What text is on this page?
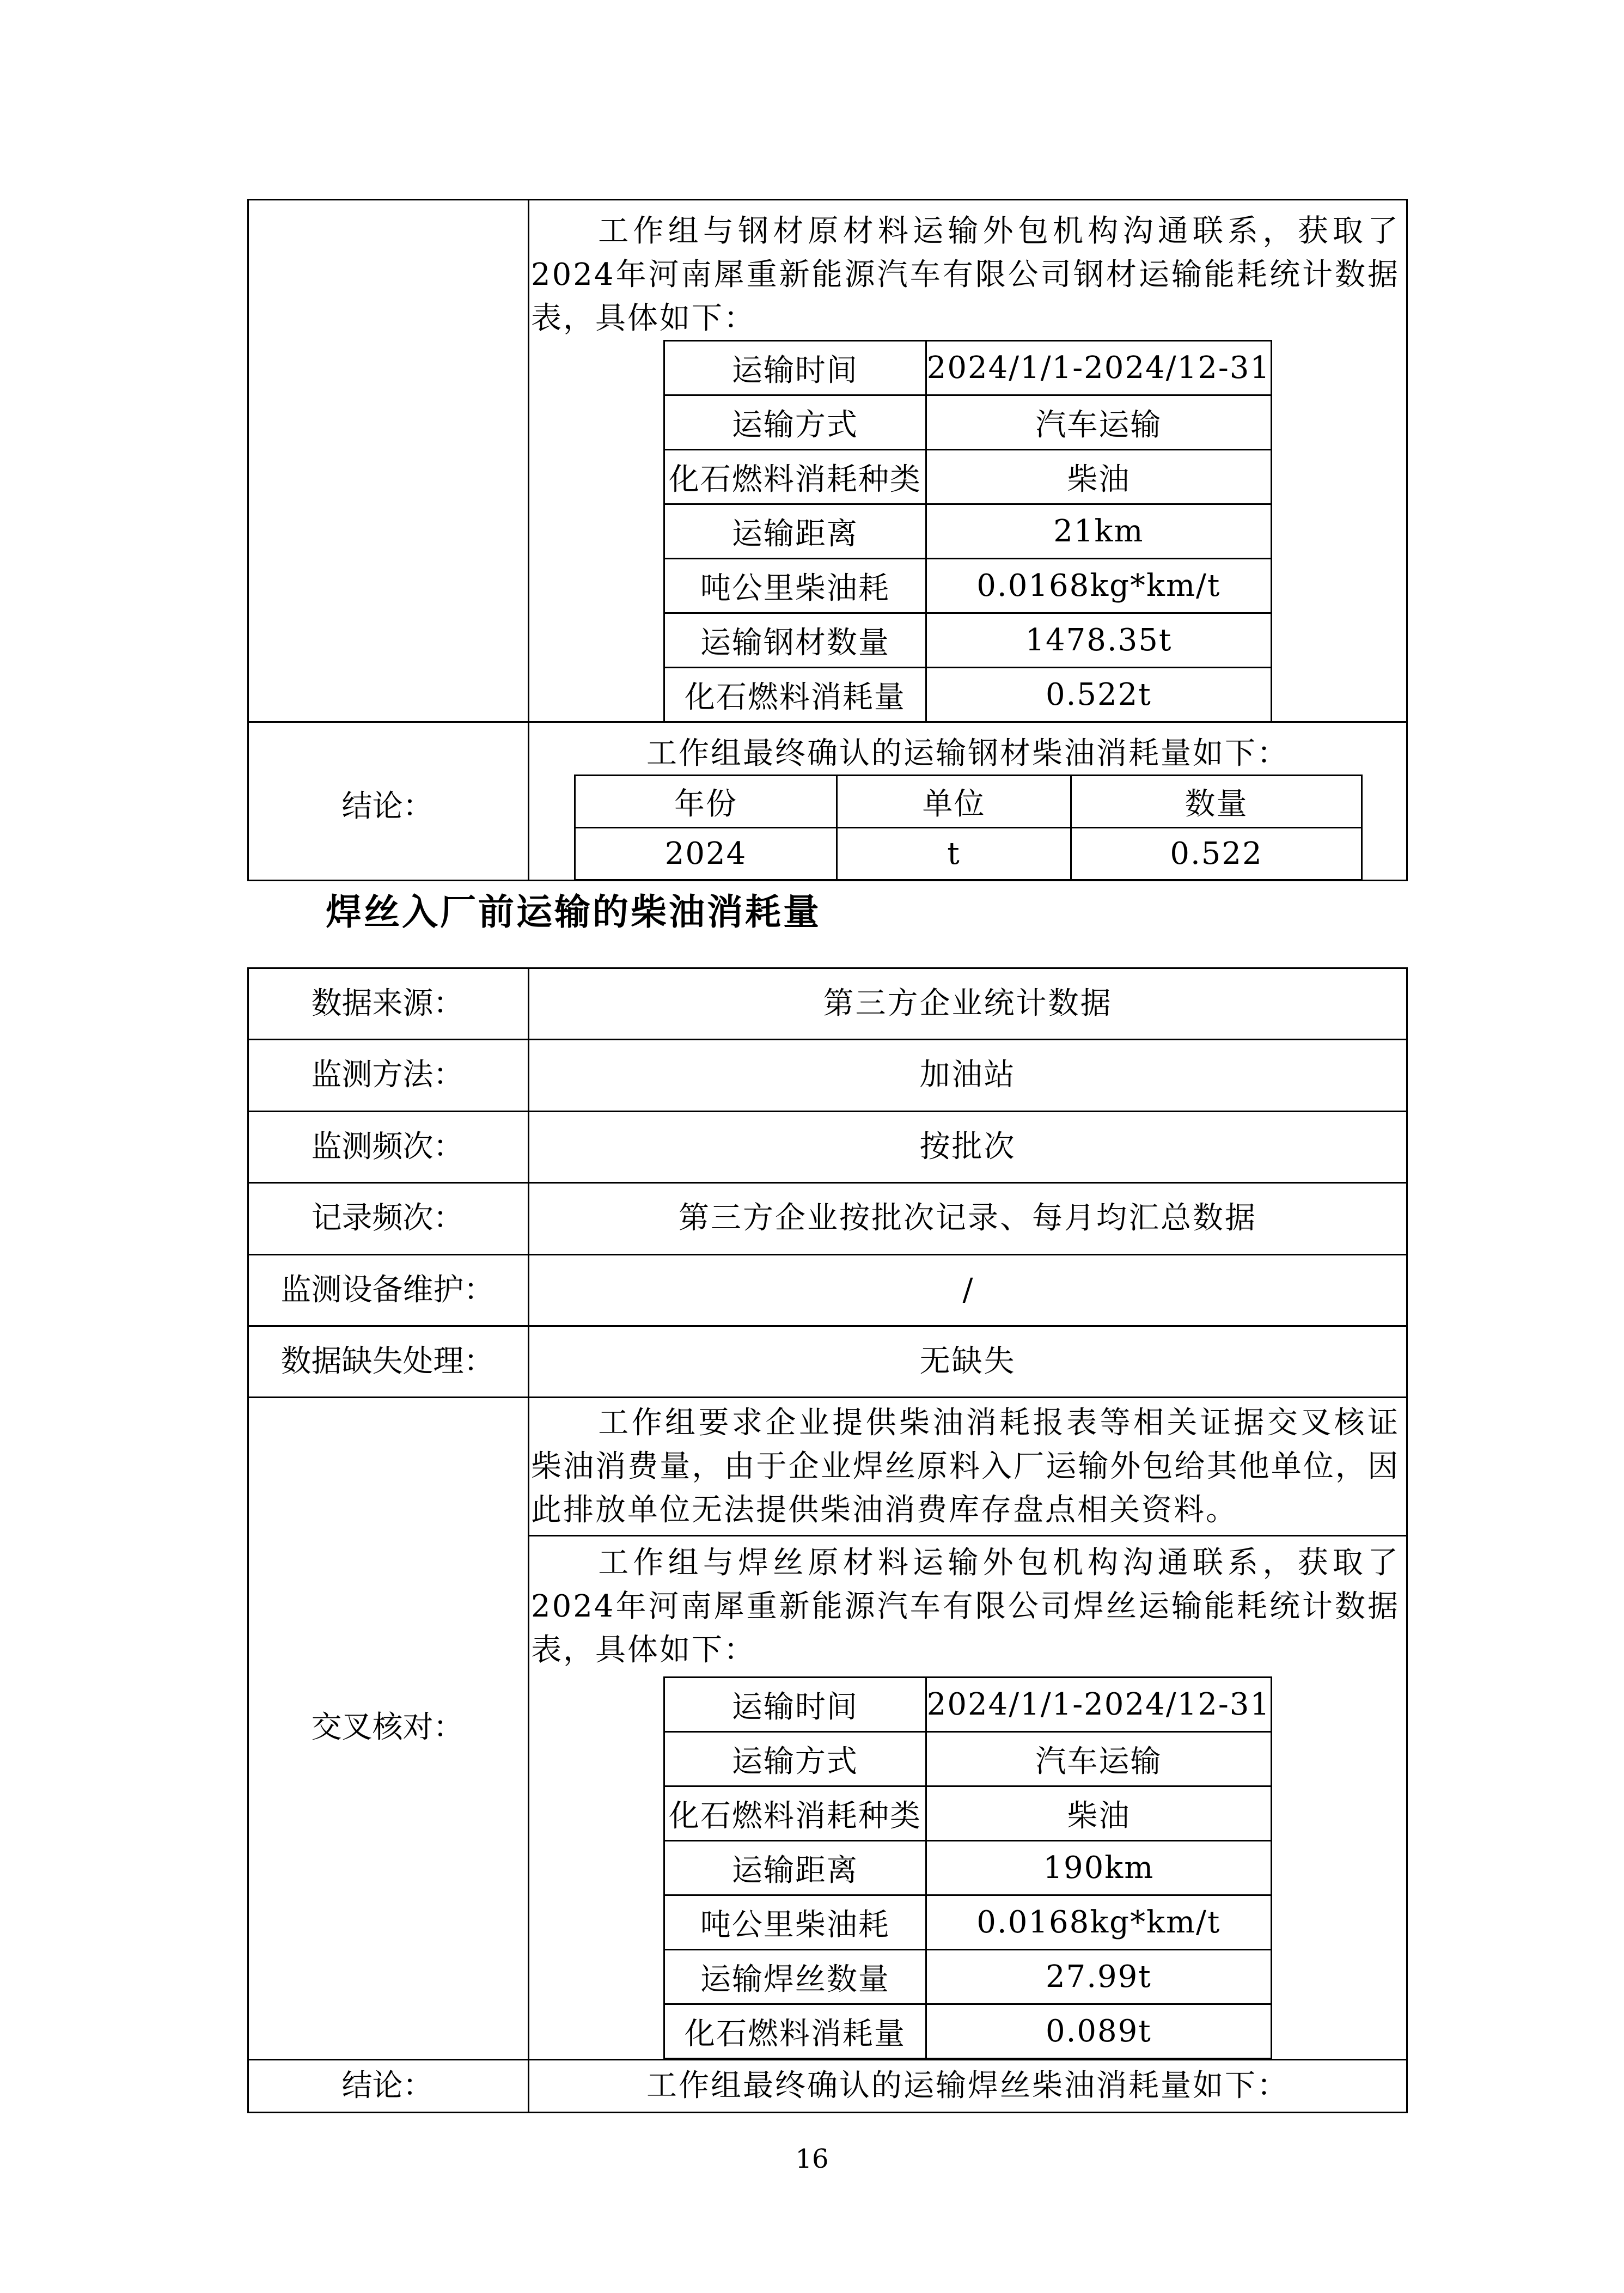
工作组与钢材原材料运输外包机构沟通联系，获取了2024年河南犀重新能源汽车有限公司钢材运输能耗统计数据表，具体如下：
运输时间	2024/1/1-2024/12-31
运输方式	汽车运输
化石燃料消耗种类	柴油
运输距离	21km
吨公里柴油耗	0.0168kg*km/t
运输钢材数量	1478.35t
化石燃料消耗量	0.522t
结论：
工作组最终确认的运输钢材柴油消耗量如下：
年份	单位	数量
2024	t	0.522
焊丝入厂前运输的柴油消耗量
数据来源：	第三方企业统计数据
监测方法：	加油站
监测频次：	按批次
记录频次：	第三方企业按批次记录、每月均汇总数据
监测设备维护：	/
数据缺失处理：	无缺失
交叉核对：
工作组要求企业提供柴油消耗报表等相关证据交叉核证柴油消费量，由于企业焊丝原料入厂运输外包给其他单位，因此排放单位无法提供柴油消费库存盘点相关资料。
工作组与焊丝原材料运输外包机构沟通联系，获取了2024年河南犀重新能源汽车有限公司焊丝运输能耗统计数据表，具体如下：
运输时间	2024/1/1-2024/12-31
运输方式	汽车运输
化石燃料消耗种类	柴油
运输距离	190km
吨公里柴油耗	0.0168kg*km/t
运输焊丝数量	27.99t
化石燃料消耗量	0.089t
结论：	工作组最终确认的运输焊丝柴油消耗量如下：
16
